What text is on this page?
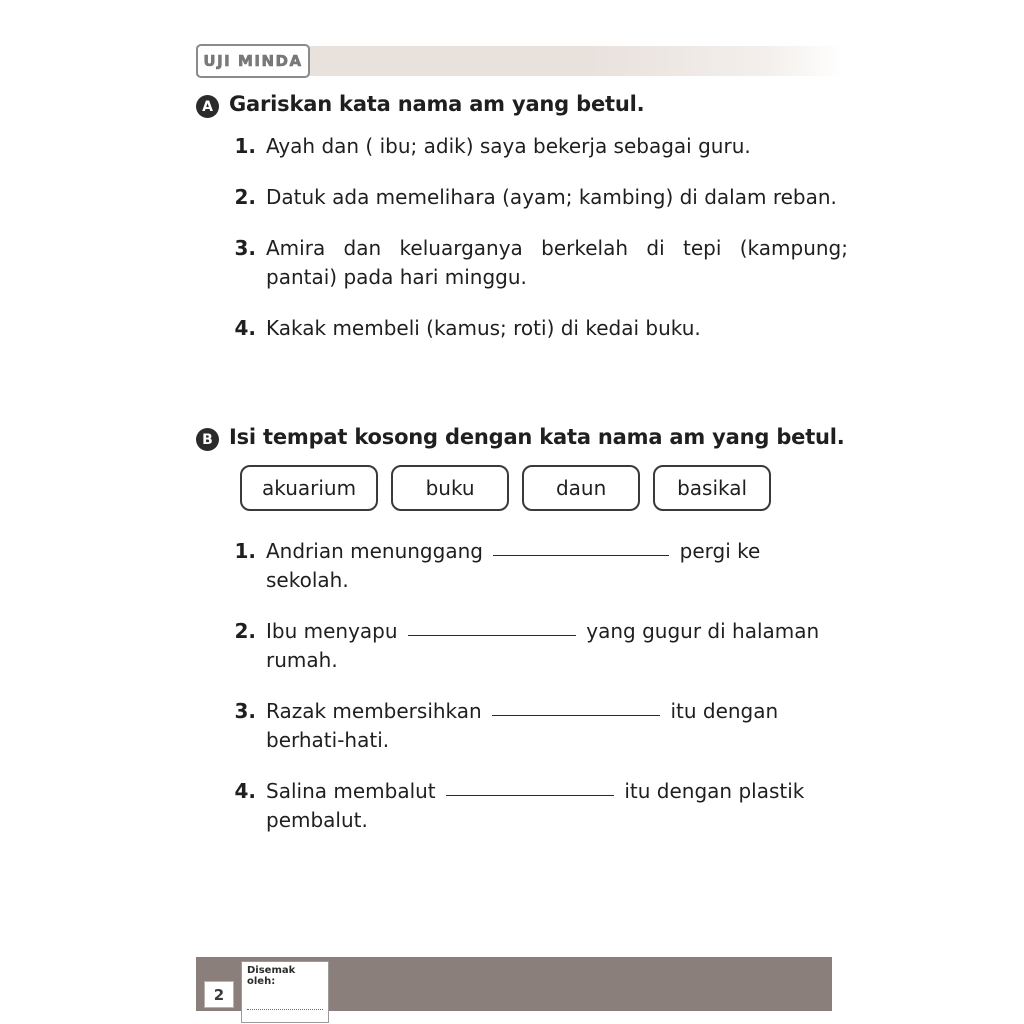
UJI MINDA
A Gariskan kata nama am yang betul.
1. Ayah dan ( ibu; adik) saya bekerja sebagai guru.
2. Datuk ada memelihara (ayam; kambing) di dalam reban.
3. Amira dan keluarganya berkelah di tepi (kampung; pantai) pada hari minggu.
4. Kakak membeli (kamus; roti) di kedai buku.
B Isi tempat kosong dengan kata nama am yang betul.
akuarium	buku	daun	basikal
1. Andrian menunggang	pergi ke sekolah.
2. Ibu menyapu	yang gugur di halaman rumah.
3. Razak membersihkan	itu dengan berhati-hati.
4. Salina membalut	itu dengan plastik pembalut.
2
Disemak oleh:
